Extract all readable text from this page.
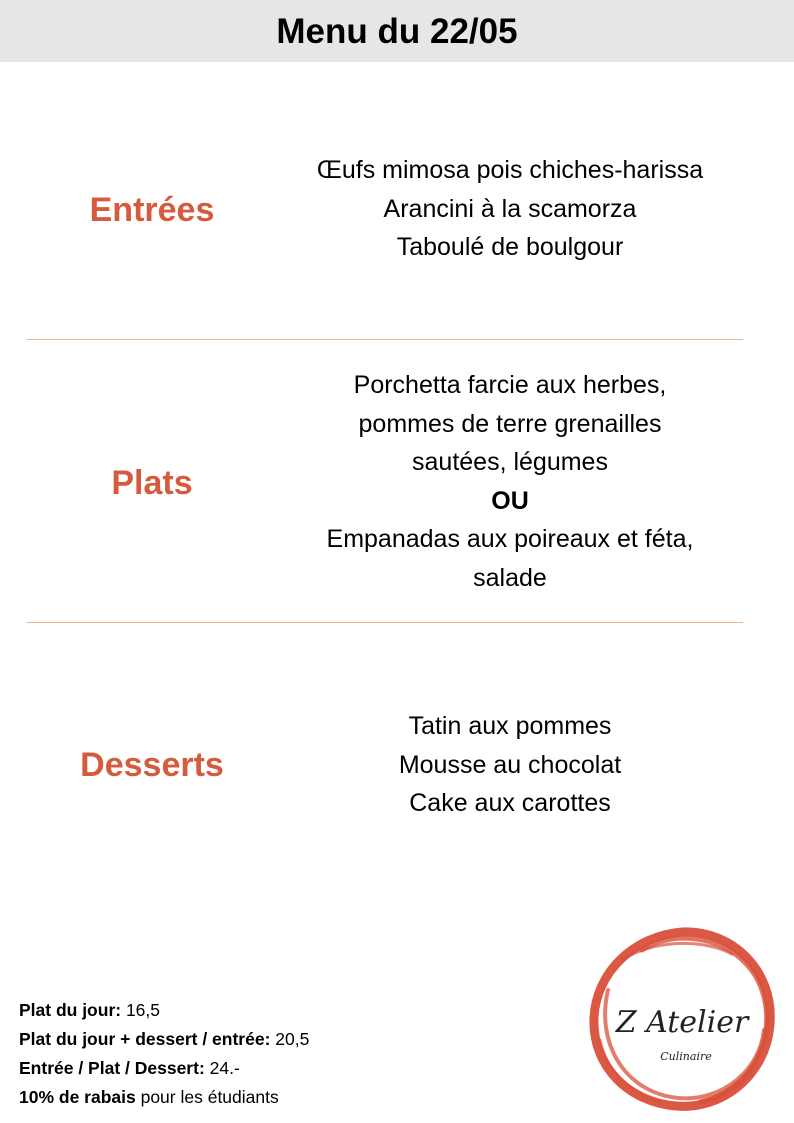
Menu du 22/05
Entrées
Œufs mimosa pois chiches-harissa
Arancini à la scamorza
Taboulé de boulgour
Plats
Porchetta farcie aux herbes,
pommes de terre grenailles
sautées, légumes
OU
Empanadas aux poireaux et féta,
salade
Desserts
Tatin aux pommes
Mousse au chocolat
Cake aux carottes
Plat du jour: 16,5
Plat du jour + dessert / entrée: 20,5
Entrée / Plat / Dessert: 24.-
10% de rabais pour les étudiants
Z Atelier
Culinaire
